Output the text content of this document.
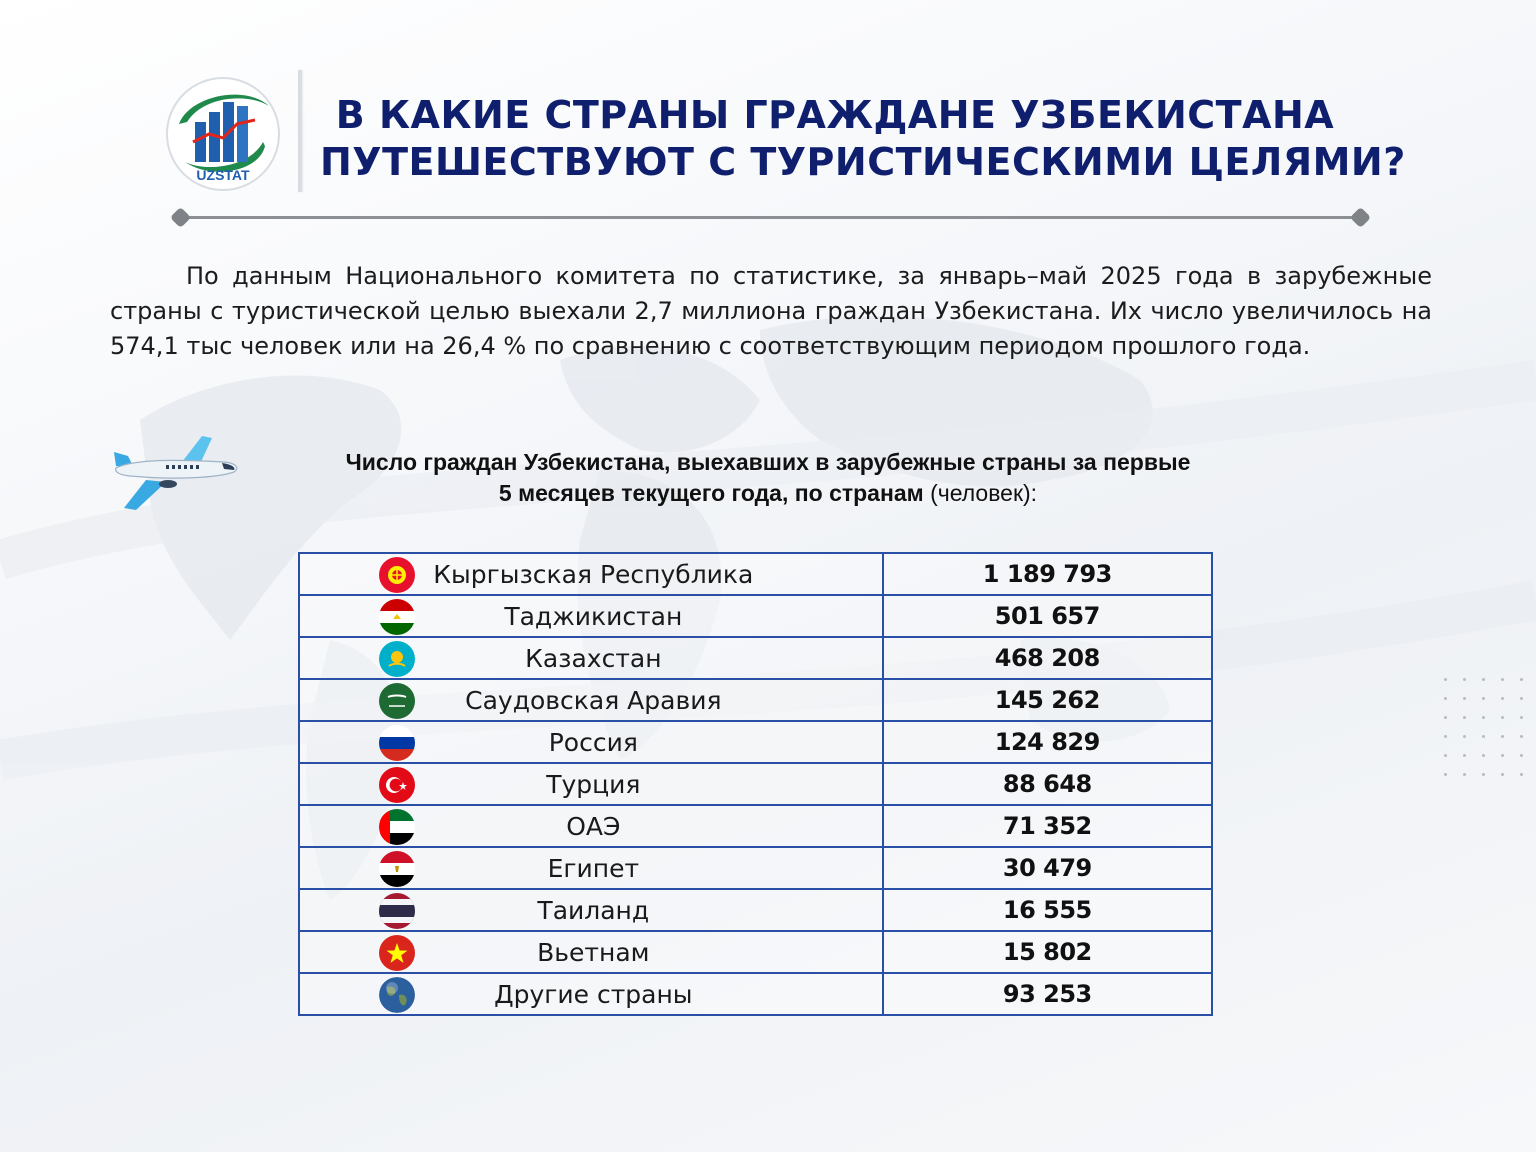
UZSTAT
В КАКИЕ СТРАНЫ ГРАЖДАНЕ УЗБЕКИСТАНА
ПУТЕШЕСТВУЮТ С ТУРИСТИЧЕСКИМИ ЦЕЛЯМИ?

По данным Национального комитета по статистике, за январь–май 2025 года в зарубежные страны с туристической целью выехали 2,7 миллиона граждан Узбекистана. Их число увеличилось на 574,1 тыс человек или на 26,4 % по сравнению с соответствующим периодом прошлого года.

Число граждан Узбекистана, выехавших в зарубежные страны за первые
5 месяцев текущего года, по странам (человек):
Кыргызская Республика	1 189 793

Таджикистан	501 657

Казахстан	468 208

Саудовская Аравия	145 262

Россия	124 829

Турция	88 648

ОАЭ	71 352

Египет	30 479

Таиланд	16 555

Вьетнам	15 802

Другие страны	93 253
